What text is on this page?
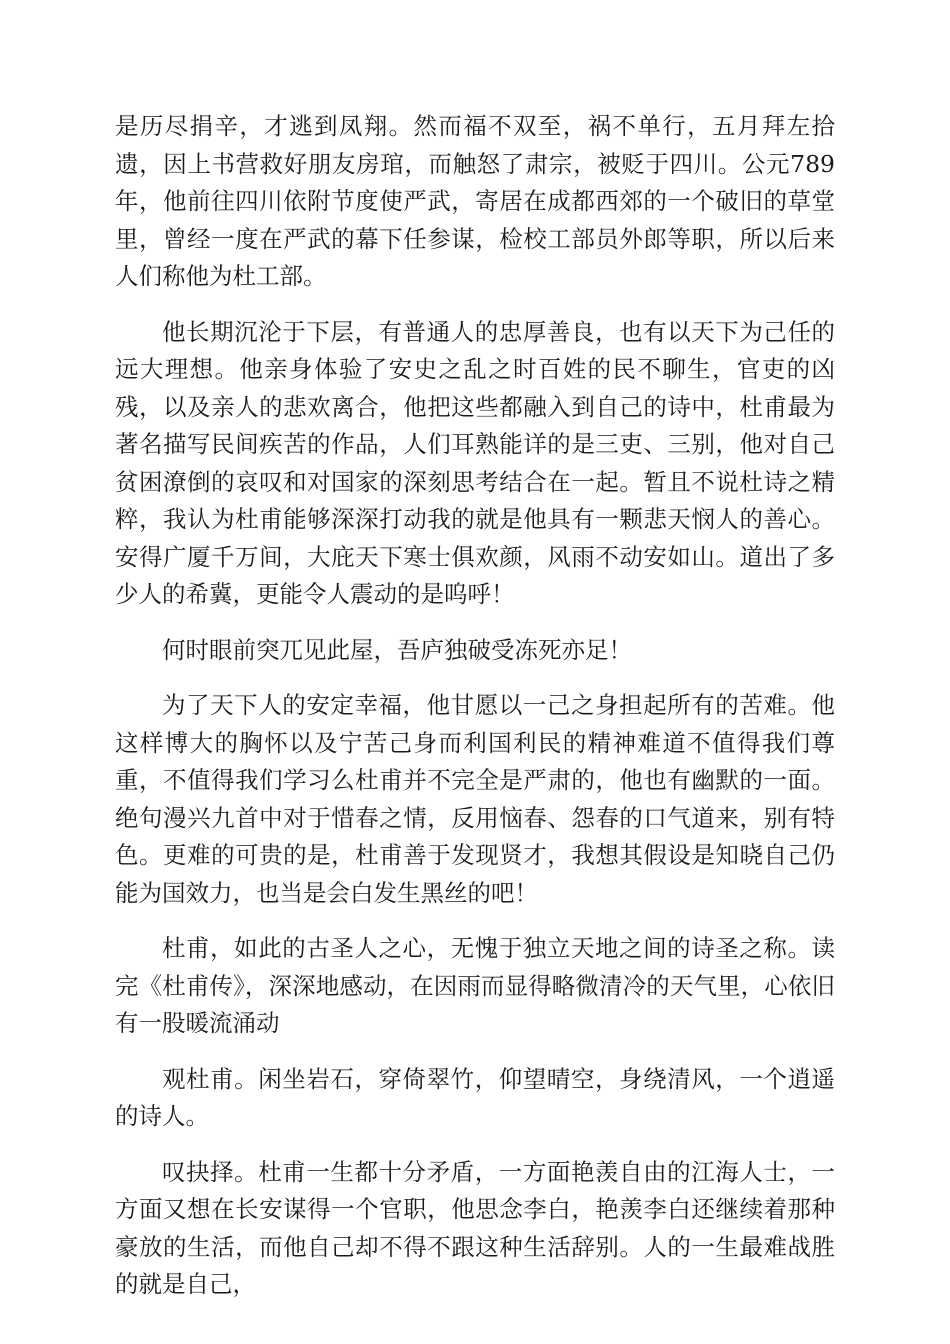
是历尽捐辛，才逃到凤翔。然而福不双至，祸不单行，五月拜左拾遗，因上书营救好朋友房琯，而触怒了肃宗，被贬于四川。公元789年，他前往四川依附节度使严武，寄居在成都西郊的一个破旧的草堂里，曾经一度在严武的幕下任参谋，检校工部员外郎等职，所以后来人们称他为杜工部。

他长期沉沦于下层，有普通人的忠厚善良，也有以天下为己任的远大理想。他亲身体验了安史之乱之时百姓的民不聊生，官吏的凶残，以及亲人的悲欢离合，他把这些都融入到自己的诗中，杜甫最为著名描写民间疾苦的作品，人们耳熟能详的是三吏、三别，他对自己贫困潦倒的哀叹和对国家的深刻思考结合在一起。暂且不说杜诗之精粹，我认为杜甫能够深深打动我的就是他具有一颗悲天悯人的善心。安得广厦千万间，大庇天下寒士俱欢颜，风雨不动安如山。道出了多少人的希冀，更能令人震动的是呜呼！

何时眼前突兀见此屋，吾庐独破受冻死亦足！

为了天下人的安定幸福，他甘愿以一己之身担起所有的苦难。他这样博大的胸怀以及宁苦己身而利国利民的精神难道不值得我们尊重，不值得我们学习么杜甫并不完全是严肃的，他也有幽默的一面。绝句漫兴九首中对于惜春之情，反用恼春、怨春的口气道来，别有特色。更难的可贵的是，杜甫善于发现贤才，我想其假设是知晓自己仍能为国效力，也当是会白发生黑丝的吧！

杜甫，如此的古圣人之心，无愧于独立天地之间的诗圣之称。读完《杜甫传》，深深地感动，在因雨而显得略微清冷的天气里，心依旧有一股暖流涌动

观杜甫。闲坐岩石，穿倚翠竹，仰望晴空，身绕清风，一个逍遥的诗人。

叹抉择。杜甫一生都十分矛盾，一方面艳羡自由的江海人士，一方面又想在长安谋得一个官职，他思念李白，艳羡李白还继续着那种豪放的生活，而他自己却不得不跟这种生活辞别。人的一生最难战胜的就是自己，
